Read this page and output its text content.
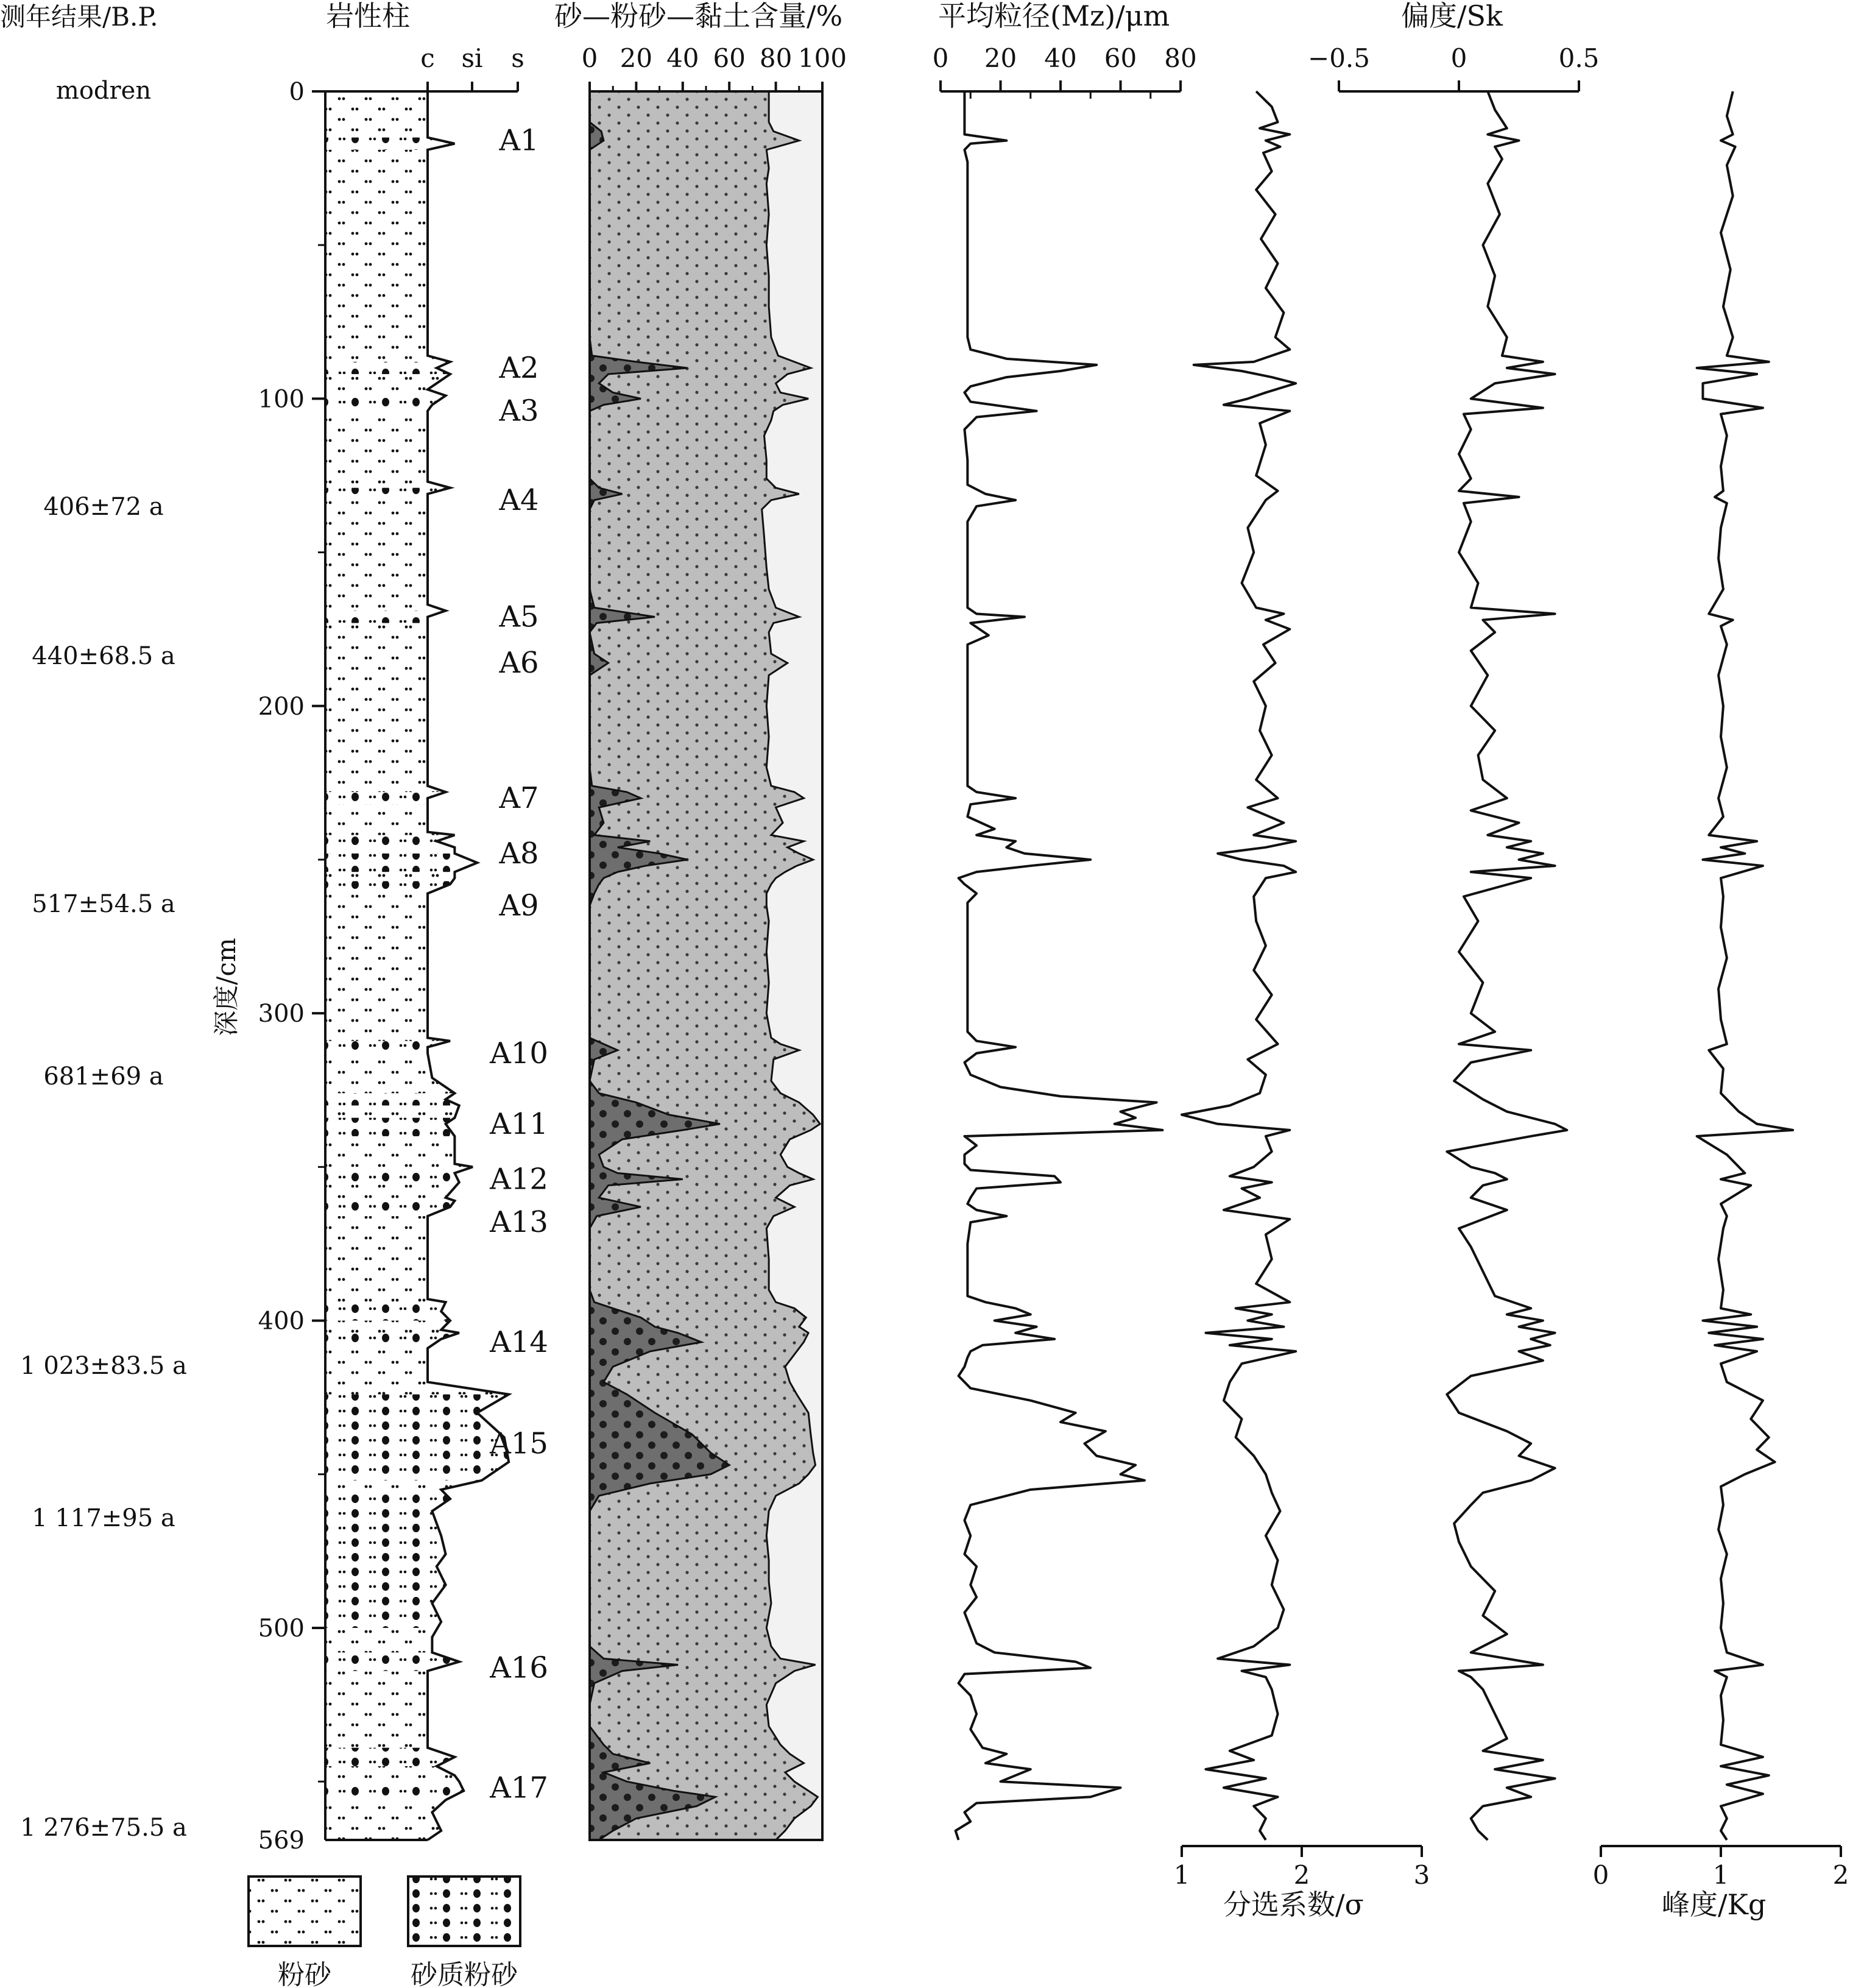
测年结果/B.P.	岩性柱	砂—粉砂—黏土含量/%	平均粒径(Mz)/μm	偏度/Sk
分选系数/σ	峰度/Kg
modren
406±72 a
440±68.5 a
517±54.5 a
681±69 a
1 023±83.5 a
1 117±95 a
1 276±75.5 a
c si s
0
100
200
300
400
500
569
A1
A2
A3
A4
A5
A6
A7
A8
A9
A10
A11
A12
A13
A14
A15
A16
A17
深度/cm
粉砂	砂质粉砂
0 20 40 60 80 100	0 20 40 60 80
1	2	3
−0.5	0	0.5
0	1	2
